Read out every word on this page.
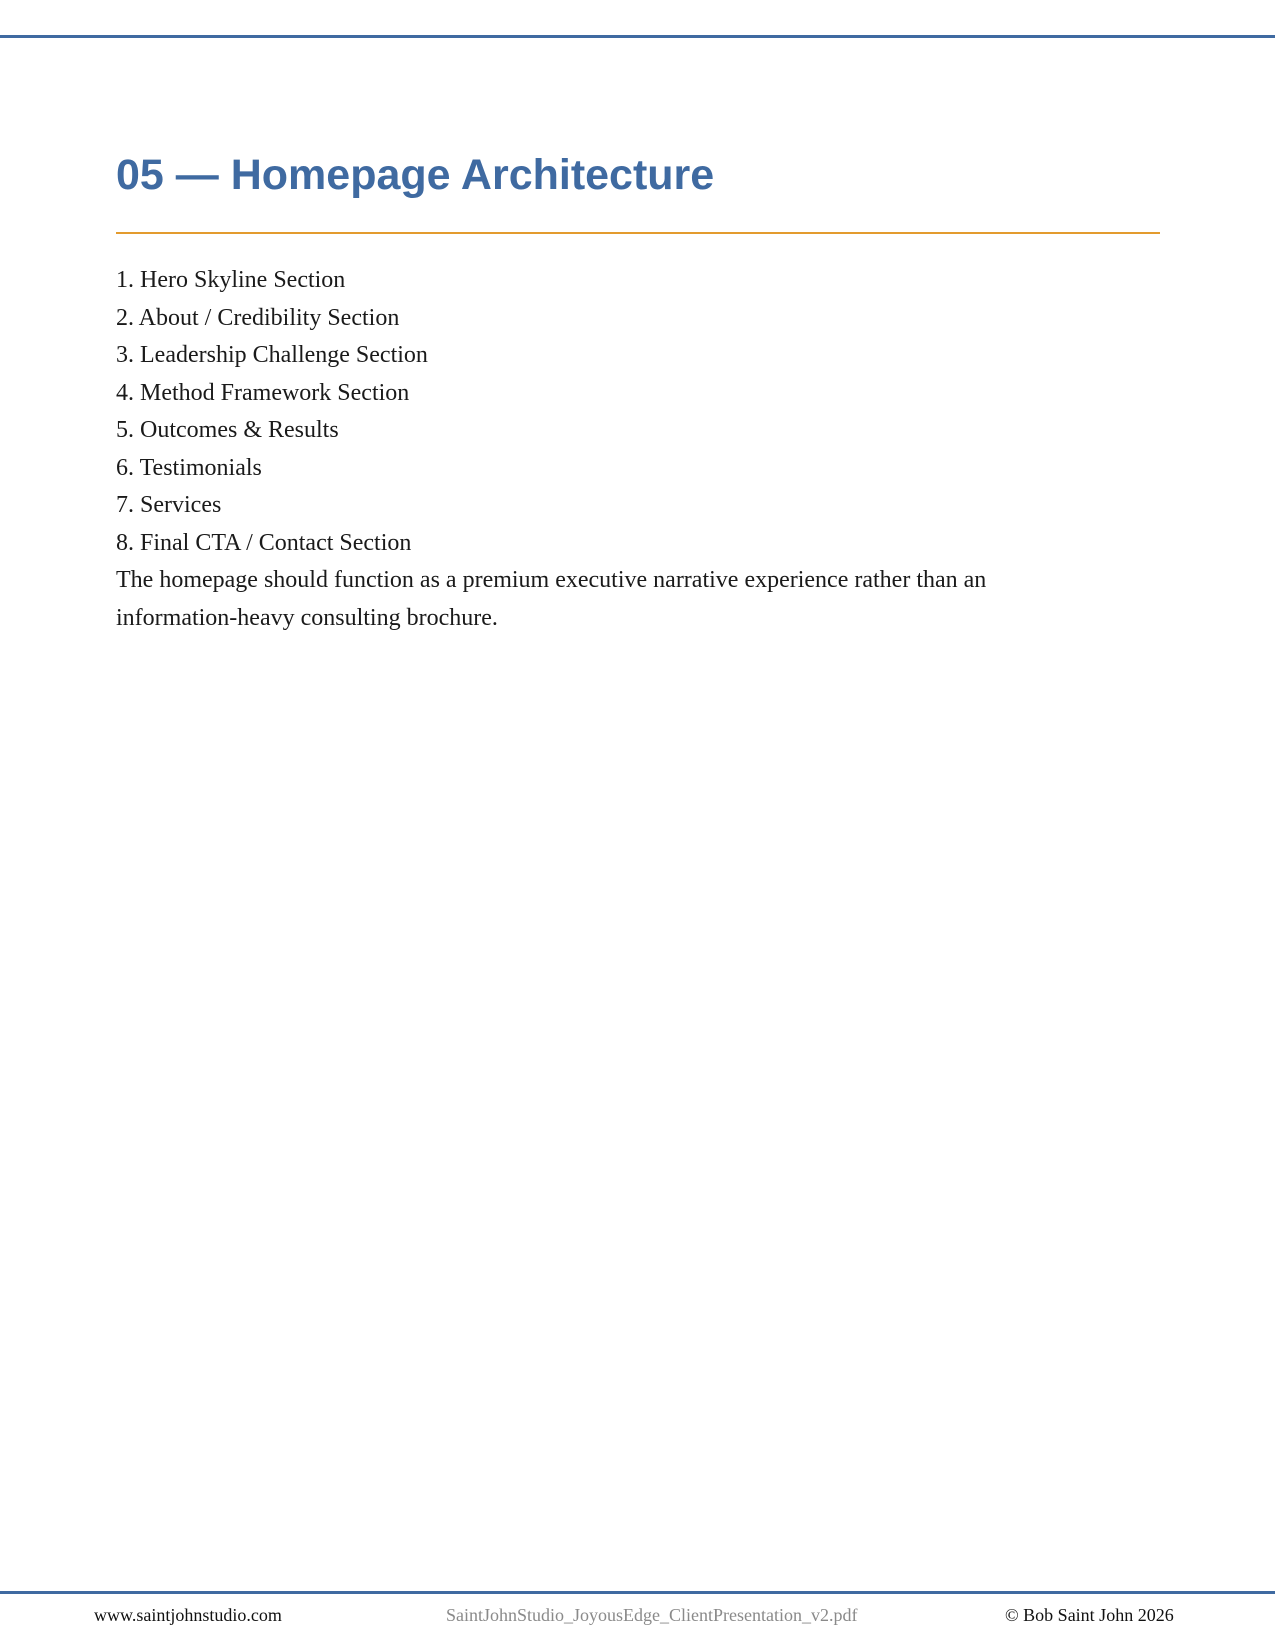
05 — Homepage Architecture
1. Hero Skyline Section
2. About / Credibility Section
3. Leadership Challenge Section
4. Method Framework Section
5. Outcomes & Results
6. Testimonials
7. Services
8. Final CTA / Contact Section

The homepage should function as a premium executive narrative experience rather than an information-heavy consulting brochure.

www.saintjohnstudio.com	SaintJohnStudio_JoyousEdge_ClientPresentation_v2.pdf	© Bob Saint John 2026
